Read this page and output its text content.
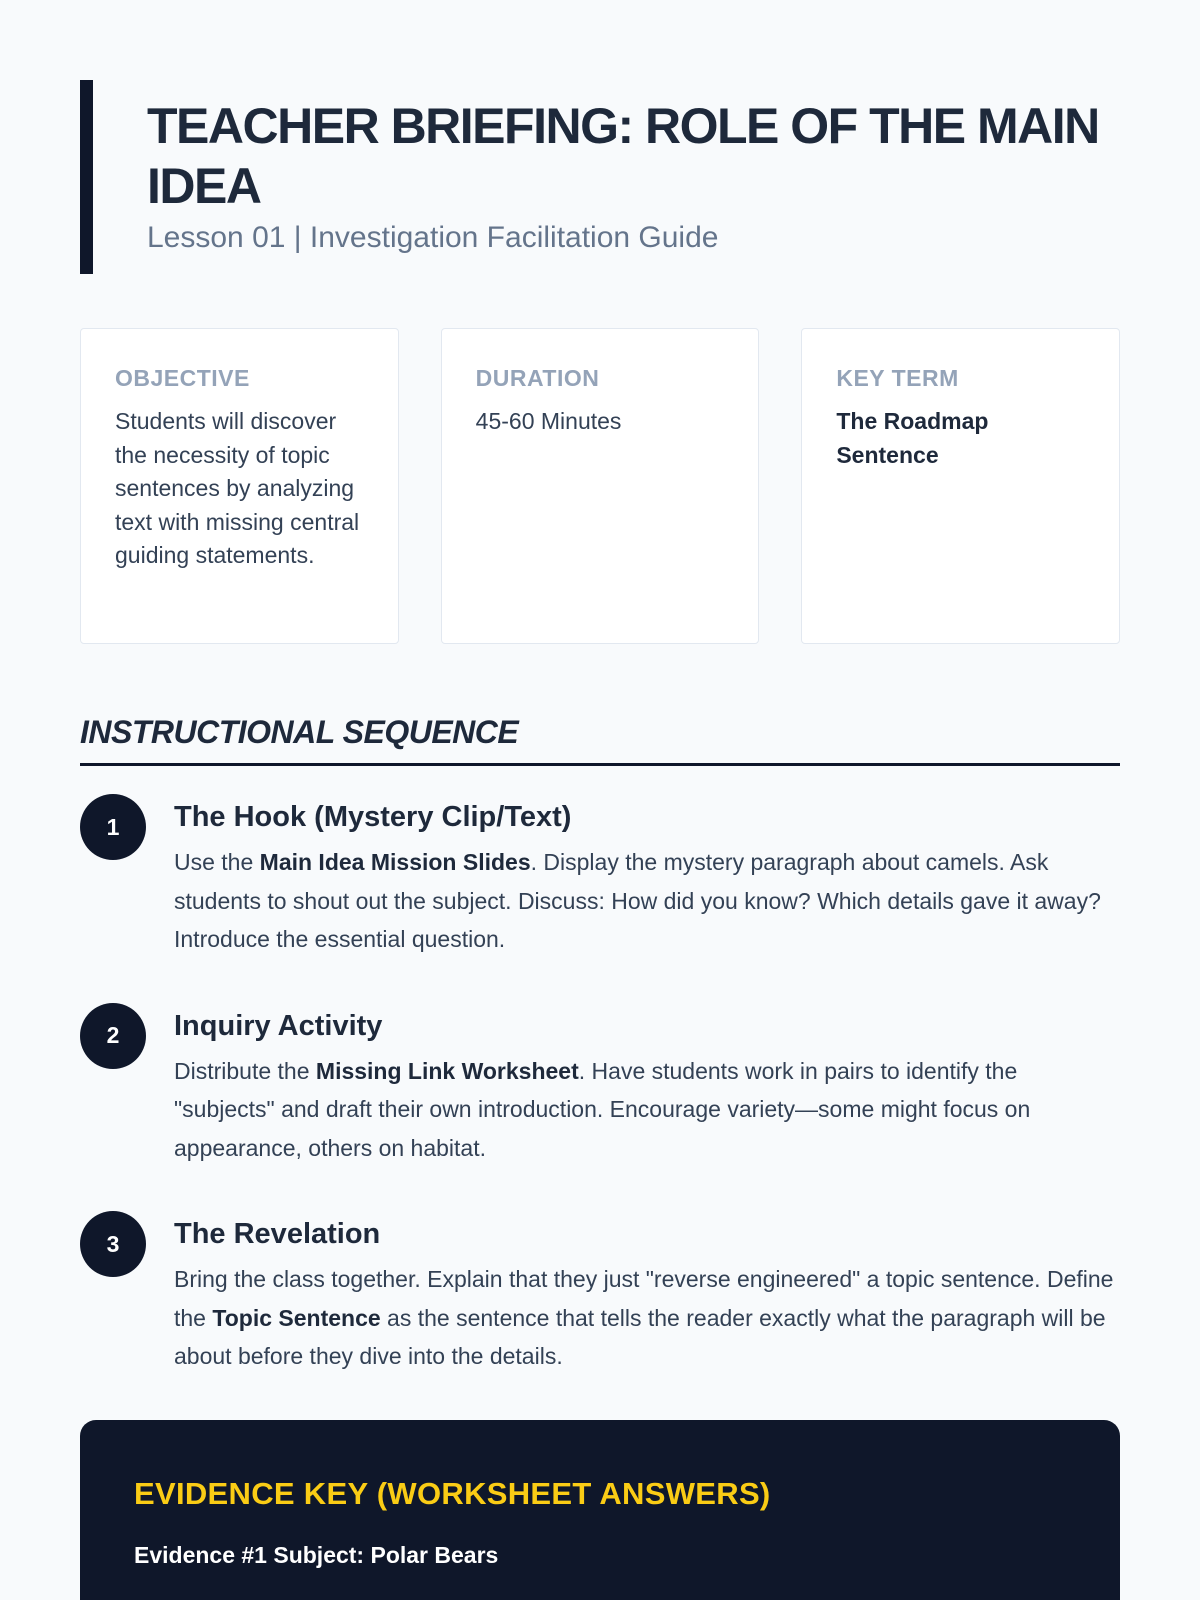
TEACHER BRIEFING: ROLE OF THE MAIN IDEA
Lesson 01 | Investigation Facilitation Guide
OBJECTIVE
Students will discover the necessity of topic sentences by analyzing text with missing central guiding statements.
DURATION
45-60 Minutes
KEY TERM
The Roadmap Sentence
INSTRUCTIONAL SEQUENCE
1	The Hook (Mystery Clip/Text)

Use the Main Idea Mission Slides. Display the mystery paragraph about camels. Ask students to shout out the subject. Discuss: How did you know? Which details gave it away? Introduce the essential question.

2	Inquiry Activity

Distribute the Missing Link Worksheet. Have students work in pairs to identify the "subjects" and draft their own introduction. Encourage variety—some might focus on appearance, others on habitat.

3	The Revelation

Bring the class together. Explain that they just "reverse engineered" a topic sentence. Define the Topic Sentence as the sentence that tells the reader exactly what the paragraph will be about before they dive into the details.

EVIDENCE KEY (WORKSHEET ANSWERS)
Evidence #1 Subject: Polar Bears
